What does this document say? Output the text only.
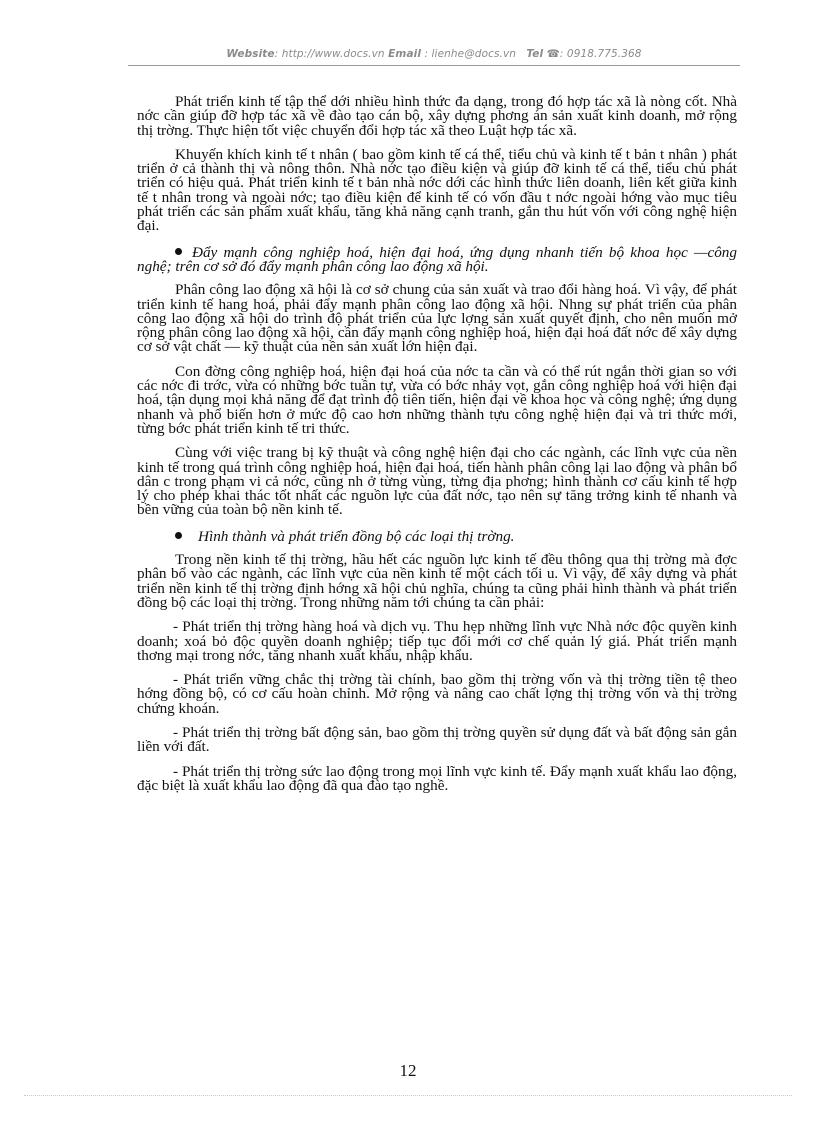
Website: http://www.docs.vn Email : lienhe@docs.vn Tel ☎: 0918.775.368

Phát triển kinh tế tập thể dới nhiều hình thức đa dạng, trong đó hợp tác xã là nòng cốt. Nhà nớc cần giúp đỡ hợp tác xã về đào tạo cán bộ, xây dựng phơng án sản xuất kinh doanh, mở rộng thị trờng. Thực hiện tốt việc chuyển đổi hợp tác xã theo Luật hợp tác xã.

Khuyến khích kinh tế t nhân ( bao gồm kinh tế cá thể, tiểu chủ và kinh tế t bản t nhân ) phát triển ở cả thành thị và nông thôn. Nhà nớc tạo điều kiện và giúp đỡ kinh tế cá thể, tiểu chủ phát triển có hiệu quả. Phát triển kinh tế t bản nhà nớc dới các hình thức liên doanh, liên kết giữa kinh tế t nhân trong và ngoài nớc; tạo điều kiện để kinh tế có vốn đầu t nớc ngoài hớng vào mục tiêu phát triển các sản phẩm xuất khẩu, tăng khả năng cạnh tranh, gắn thu hút vốn với công nghệ hiện đại.

Đẩy mạnh công nghiệp hoá, hiện đại hoá, ứng dụng nhanh tiến bộ khoa học —công nghệ; trên cơ sở đó đẩy mạnh phân công lao động xã hội.

Phân công lao động xã hội là cơ sở chung của sản xuất và trao đổi hàng hoá. Vì vậy, để phát triển kinh tế hang hoá, phải đẩy mạnh phân công lao động xã hội. Nhng sự phát triển của phân công lao động xã hội do trình độ phát triển của lực lợng sản xuất quyết định, cho nên muốn mở rộng phân công lao động xã hội, cần đẩy mạnh công nghiệp hoá, hiện đại hoá đất nớc để xây dựng cơ sở vật chất — kỹ thuật của nền sản xuất lớn hiện đại.

Con đờng công nghiệp hoá, hiện đại hoá của nớc ta cần và có thể rút ngắn thời gian so với các nớc đi trớc, vừa có những bớc tuần tự, vừa có bớc nhảy vọt, gắn công nghiệp hoá với hiện đại hoá, tận dụng mọi khả năng để đạt trình độ tiên tiến, hiện đại về khoa học và công nghệ; ứng dụng nhanh và phổ biến hơn ở mức độ cao hơn những thành tựu công nghệ hiện đại và tri thức mới, từng bớc phát triển kinh tế tri thức.

Cùng với việc trang bị kỹ thuật và công nghệ hiện đại cho các ngành, các lĩnh vực của nền kinh tế trong quá trình công nghiệp hoá, hiện đại hoá, tiến hành phân công lại lao động và phân bổ dân c trong phạm vi cả nớc, cũng nh ở từng vùng, từng địa phơng; hình thành cơ cấu kinh tế hợp lý cho phép khai thác tốt nhất các nguồn lực của đất nớc, tạo nên sự tăng trởng kinh tế nhanh và bền vững của toàn bộ nền kinh tế.

Hình thành và phát triển đồng bộ các loại thị trờng.

Trong nền kinh tế thị trờng, hầu hết các nguồn lực kinh tế đều thông qua thị trờng mà đợc phân bổ vào các ngành, các lĩnh vực của nền kinh tế một cách tối u. Vì vậy, để xây dựng và phát triển nền kinh tế thị trờng định hớng xã hội chủ nghĩa, chúng ta cũng phải hình thành và phát triển đồng bộ các loại thị trờng. Trong những năm tới chúng ta cần phải:

- Phát triển thị trờng hàng hoá và dịch vụ. Thu hẹp những lĩnh vực Nhà nớc độc quyền kinh doanh; xoá bỏ độc quyền doanh nghiệp; tiếp tục đổi mới cơ chế quản lý giá. Phát triển mạnh thơng mại trong nớc, tăng nhanh xuất khẩu, nhập khẩu.

- Phát triển vững chắc thị trờng tài chính, bao gồm thị trờng vốn và thị trờng tiền tệ theo hớng đồng bộ, có cơ cấu hoàn chỉnh. Mở rộng và nâng cao chất lợng thị trờng vốn và thị trờng chứng khoán.

- Phát triển thị trờng bất động sản, bao gồm thị trờng quyền sử dụng đất và bất động sản gắn liền với đất.

- Phát triển thị trờng sức lao động trong mọi lĩnh vực kinh tế. Đẩy mạnh xuất khẩu lao động, đặc biệt là xuất khẩu lao động đã qua đào tạo nghề.

12
